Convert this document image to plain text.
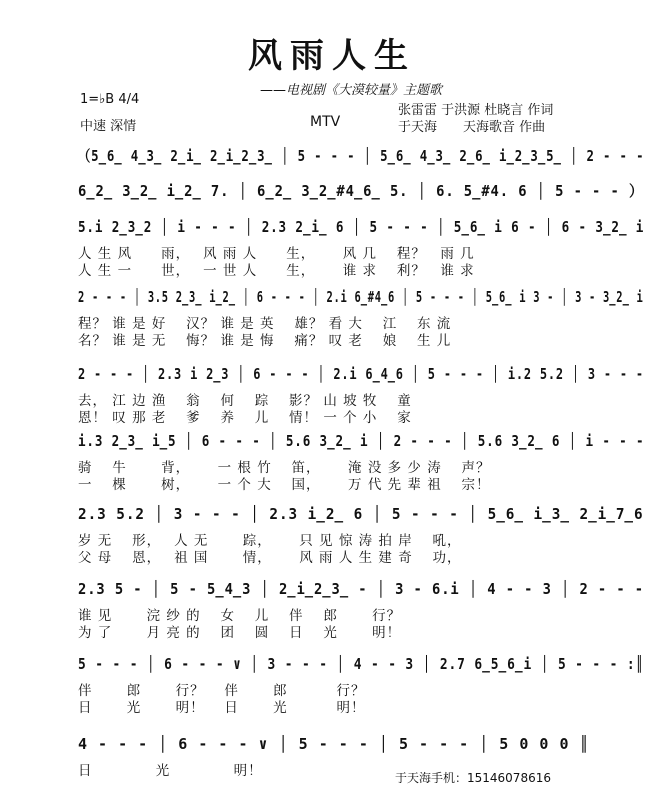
风雨人生
——电视剧《大漠较量》主题歌
1=♭B 4/4
中速 深情	MTV
张雷雷 于洪源 杜晓言 作词
于天海　　天海歌音 作曲
（5̲6̲ 4̲3̲ 2̲i̲ 2̲i̲2̲3̲ │ 5 - - - │ 5̲6̲ 4̲3̲ 2̲6̲ i̲2̲3̲5̲ │ 2 - - -
6̲2̲ 3̲2̲ i̲2̲ 7. │ 6̲2̲ 3̲2̲#4̲6̲ 5. │ 6. 5̲#4. 6 │ 5 - - - ）
5.i 2̲3̲2 │ i - - - │ 2.3 2̲i̲ 6 │ 5 - - - │ 5̲6̲ i 6 - │ 6 - 3̲2̲ i
人 生 风　　雨，　 风 雨 人　　生，　　 风 几　 程？　雨 几
人 生 一　　世，　 一 世 人　　生，　　 谁 求　 利？　谁 求
2 - - - │ 3.5 2̲3̲ i̲2̲ │ 6 - - - │ 2.i 6̲#4̲6 │ 5 - - - │ 5̲6̲ i 3 - │ 3 - 3̲2̲ i
程？ 谁 是 好　 汉？ 谁 是 英　 雄？ 看 大　 江　 东 流
名？ 谁 是 无　 悔？ 谁 是 悔　 痛？ 叹 老　 娘　 生 儿
2 - - - │ 2.3 i 2̲3 │ 6 - - - │ 2.i 6̲4̲6 │ 5 - - - │ i.2 5.2 │ 3 - - -
去， 江 边 渔　 翁　 何　 踪　 影？ 山 坡 牧　 童
恩！ 叹 那 老　 爹　 养　 儿　 情！ 一 个 小　 家
i.3 2̲3̲ i̲5 │ 6 - - - │ 5.6 3̲2̲ i │ 2 - - - │ 5.6 3̲2̲ 6 │ i - - -
骑　 牛　　 背，　　 一 根 竹　 笛，　　 淹 没 多 少 涛　 声？
一　 棵　　 树，　　 一 个 大　 国，　　 万 代 先 辈 祖　 宗！
2.3 5.2 │ 3 - - - │ 2.3 i̲2̲ 6 │ 5 - - - │ 5̲6̲ i̲3̲ 2̲i̲7̲6
岁 无　 形，　 人 无　　 踪，　　 只 见 惊 涛 拍 岸　 吼，
父 母　 恩，　 祖 国　　 情，　　 风 雨 人 生 建 奇　 功，
2.3 5 - │ 5 - 5̲4̲3 │ 2̲i̲2̲3̲ - │ 3 - 6.i │ 4 - - 3 │ 2 - - -
谁 见　　 浣 纱 的　 女　 儿　 伴　 郎　　 行？
为 了　　 月 亮 的　 团　 圆　 日　 光　　 明！
5 - - - │ 6 - - - ∨ │ 3 - - - │ 4 - - 3 │ 2.7 6̲5̲6̲i │ 5 - - - :║
伴　　 郎　　 行？　 伴　　 郎　　　 行？
日　　 光　　 明！　 日　　 光　　　 明！
4 - - - │ 6 - - - ∨ │ 5 - - - │ 5 - - - │ 5 0 0 0 ║
日　　　　 光　　　　 明！	于天海手机：15146078616
